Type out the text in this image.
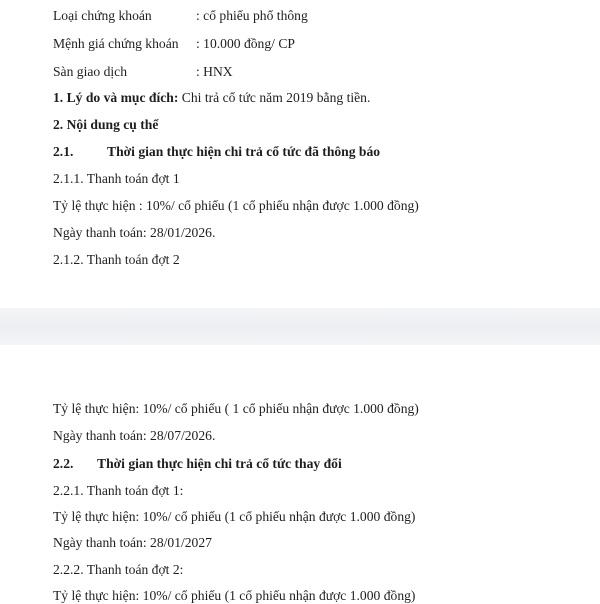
Loại chứng khoán	: cổ phiếu phổ thông
Mệnh giá chứng khoán : 10.000 đồng/ CP
Sàn giao dịch	: HNX
1. Lý do và mục đích: Chi trả cổ tức năm 2019 bằng tiền.
2. Nội dung cụ thể
2.1. Thời gian thực hiện chi trả cổ tức đã thông báo
2.1.1. Thanh toán đợt 1
Tỷ lệ thực hiện : 10%/ cổ phiếu (1 cổ phiếu nhận được 1.000 đồng)
Ngày thanh toán: 28/01/2026.
2.1.2. Thanh toán đợt 2
Tỷ lệ thực hiện: 10%/ cổ phiếu ( 1 cổ phiếu nhận được 1.000 đồng)
Ngày thanh toán: 28/07/2026.
2.2. Thời gian thực hiện chi trả cổ tức thay đổi
2.2.1. Thanh toán đợt 1:
Tỷ lệ thực hiện: 10%/ cổ phiếu (1 cổ phiếu nhận được 1.000 đồng)
Ngày thanh toán: 28/01/2027
2.2.2. Thanh toán đợt 2:
Tỷ lệ thực hiện: 10%/ cổ phiếu (1 cổ phiếu nhận được 1.000 đồng)
